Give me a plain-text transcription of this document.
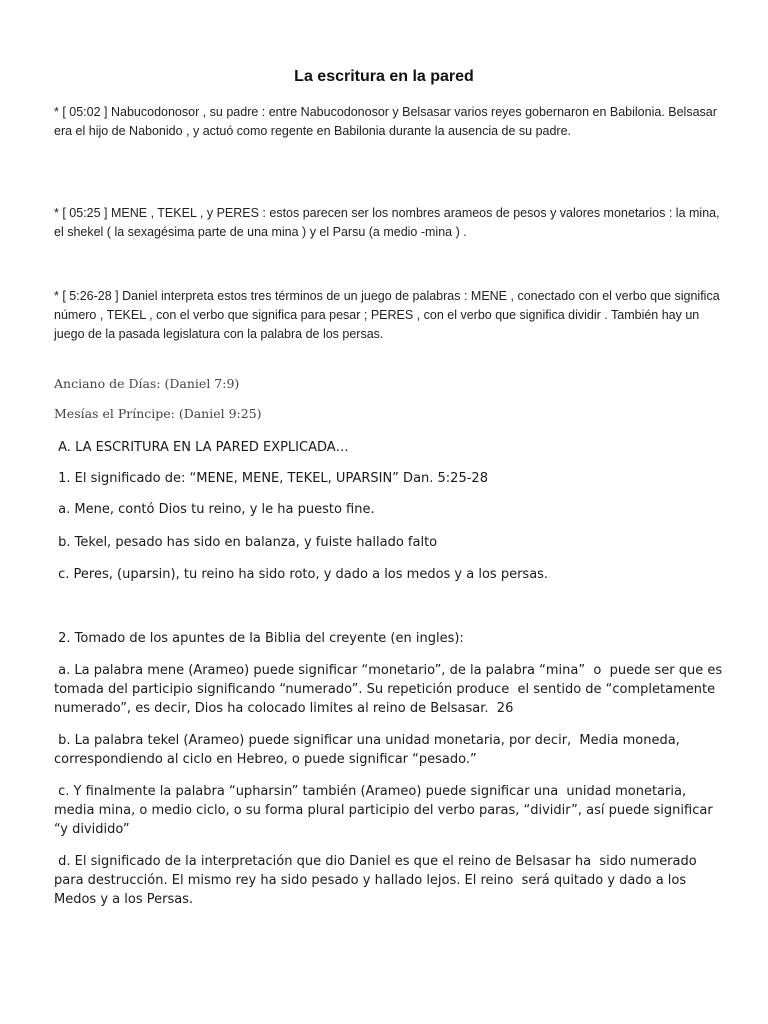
La escritura en la pared

* [ 05:02 ] Nabucodonosor , su padre : entre Nabucodonosor y Belsasar varios reyes gobernaron en Babilonia. Belsasar era el hijo de Nabonido , y actuó como regente en Babilonia durante la ausencia de su padre.

* [ 05:25 ] MENE , TEKEL , y PERES : estos parecen ser los nombres arameos de pesos y valores monetarios : la mina, el shekel ( la sexagésima parte de una mina ) y el Parsu (a medio -mina ) .

* [ 5:26-28 ] Daniel interpreta estos tres términos de un juego de palabras : MENE , conectado con el verbo que significa número , TEKEL , con el verbo que significa para pesar ; PERES , con el verbo que significa dividir . También hay un juego de la pasada legislatura con la palabra de los persas.

Anciano de Días: (Daniel 7:9)

Mesías el Príncipe: (Daniel 9:25)

A. LA ESCRITURA EN LA PARED EXPLICADA…

1. El significado de: “MENE, MENE, TEKEL, UPARSIN” Dan. 5:25-28

a. Mene, contó Dios tu reino, y le ha puesto fine.

b. Tekel, pesado has sido en balanza, y fuiste hallado falto

c. Peres, (uparsin), tu reino ha sido roto, y dado a los medos y a los persas.

2. Tomado de los apuntes de la Biblia del creyente (en ingles):

a. La palabra mene (Arameo) puede significar “monetario”, de la palabra “mina”  o  puede ser que es tomada del participio significando “numerado”. Su repetición produce  el sentido de “completamente numerado”, es decir, Dios ha colocado limites al reino de Belsasar.  26

b. La palabra tekel (Arameo) puede significar una unidad monetaria, por decir,  Media moneda, correspondiendo al ciclo en Hebreo, o puede significar “pesado.”

c. Y finalmente la palabra “upharsin” también (Arameo) puede significar una  unidad monetaria, media mina, o medio ciclo, o su forma plural participio del verbo paras, “dividir”, así puede significar “y dividido”

d. El significado de la interpretación que dio Daniel es que el reino de Belsasar ha  sido numerado para destrucción. El mismo rey ha sido pesado y hallado lejos. El reino  será quitado y dado a los Medos y a los Persas.
